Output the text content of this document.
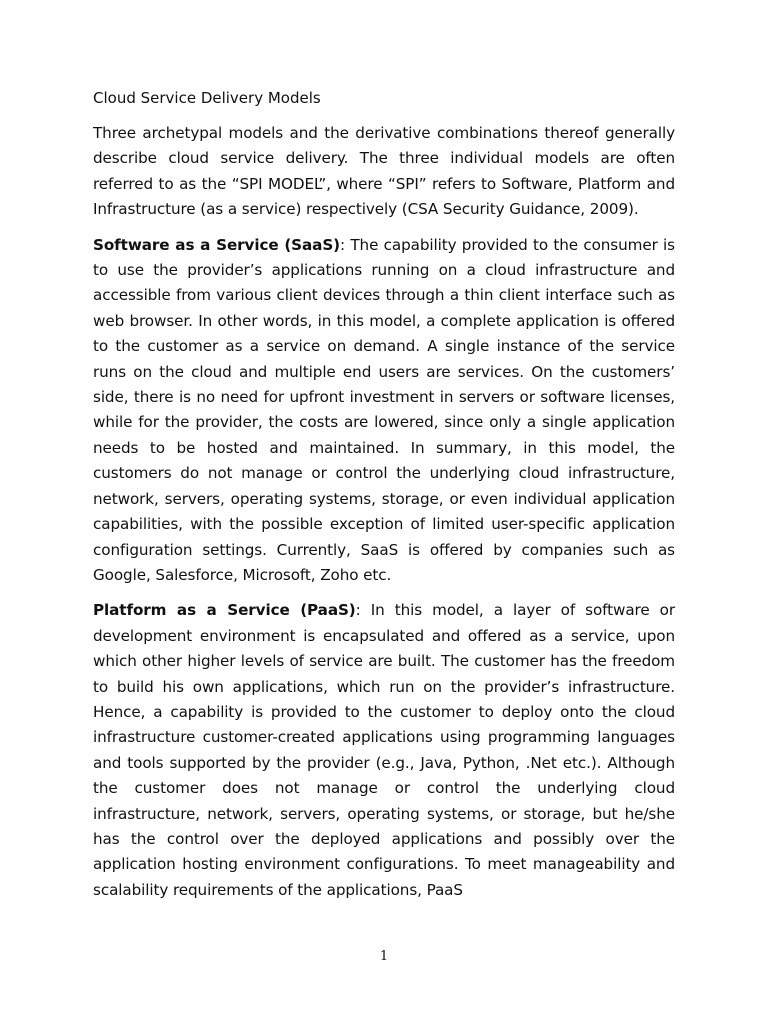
Cloud Service Delivery Models

Three archetypal models and the derivative combinations thereof generally describe cloud service delivery. The three individual models are often referred to as the “SPI MODEL”, where “SPI” refers to Software, Platform and Infrastructure (as a service) respectively (CSA Security Guidance, 2009).

Software as a Service (SaaS): The capability provided to the consumer is to use the provider’s applications running on a cloud infrastructure and accessible from various client devices through a thin client interface such as web browser. In other words, in this model, a complete application is offered to the customer as a service on demand. A single instance of the service runs on the cloud and multiple end users are services. On the customers’ side, there is no need for upfront investment in servers or software licenses, while for the provider, the costs are lowered, since only a single application needs to be hosted and maintained. In summary, in this model, the customers do not manage or control the underlying cloud infrastructure, network, servers, operating systems, storage, or even individual application capabilities, with the possible exception of limited user-specific application configuration settings. Currently, SaaS is offered by companies such as Google, Salesforce, Microsoft, Zoho etc.

Platform as a Service (PaaS): In this model, a layer of software or development environment is encapsulated and offered as a service, upon which other higher levels of service are built. The customer has the freedom to build his own applications, which run on the provider’s infrastructure. Hence, a capability is provided to the customer to deploy onto the cloud infrastructure customer-created applications using programming languages and tools supported by the provider (e.g., Java, Python, .Net etc.). Although the customer does not manage or control the underlying cloud infrastructure, network, servers, operating systems, or storage, but he/she has the control over the deployed applications and possibly over the application hosting environment configurations. To meet manageability and scalability requirements of the applications, PaaS

1
